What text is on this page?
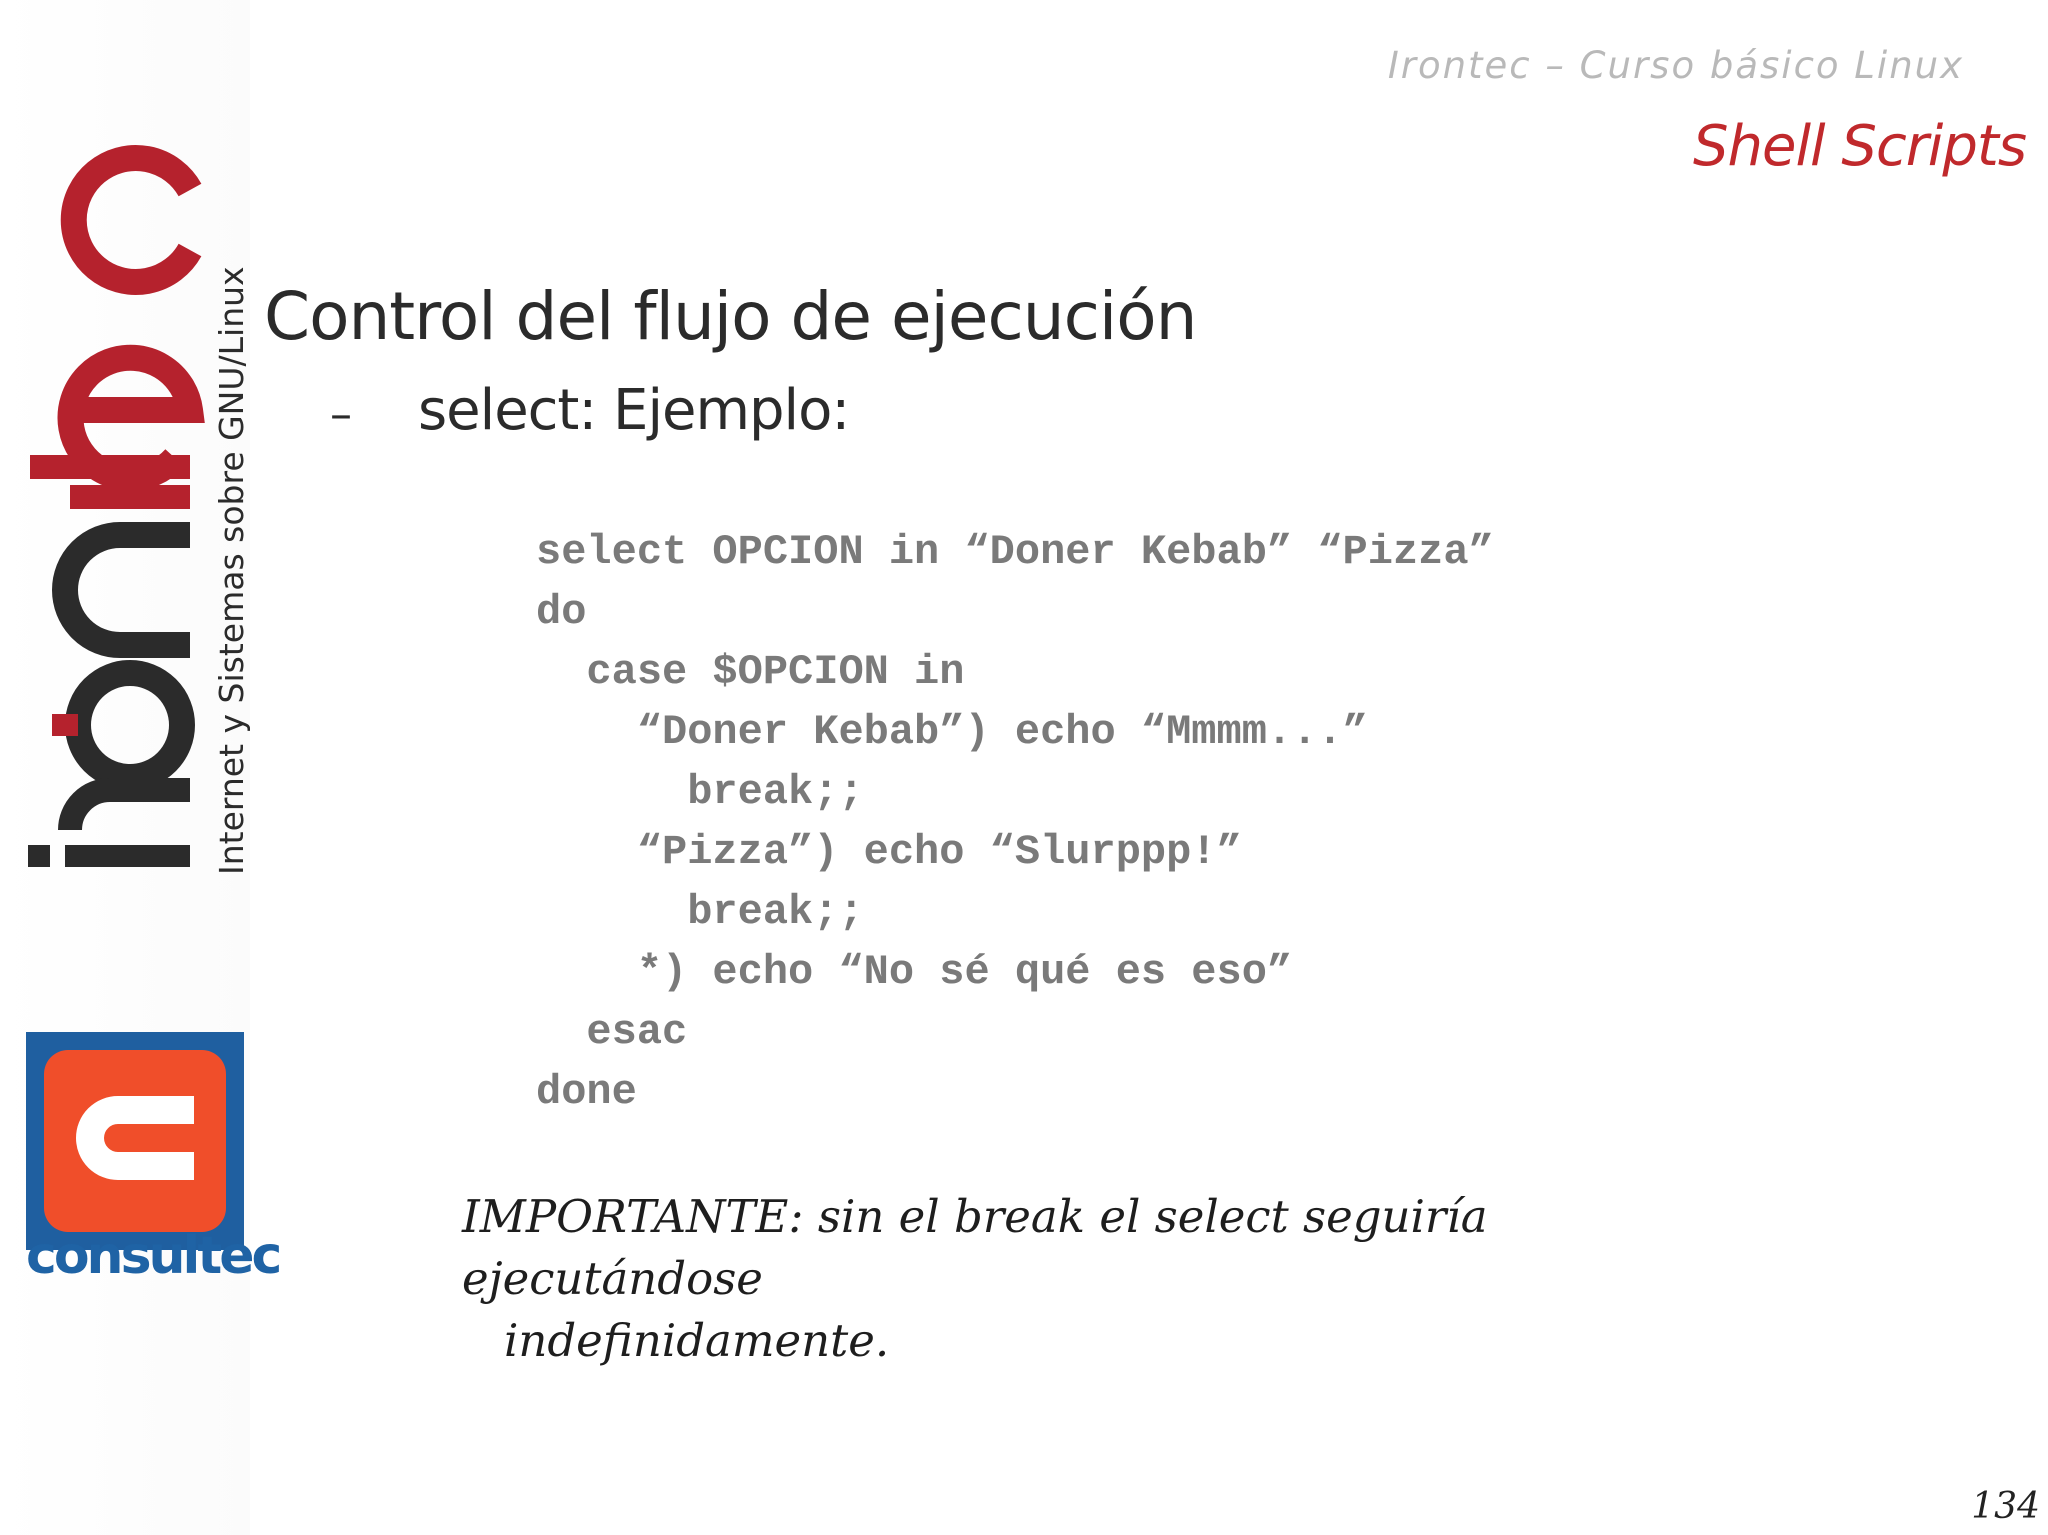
Internet y Sistemas sobre GNU/Linux
consultec
Irontec – Curso básico Linux
Shell Scripts
Control del flujo de ejecución
–	select: Ejemplo:
select OPCION in “Doner Kebab” “Pizza”
do
case $OPCION in
“Doner Kebab”) echo “Mmmm...”
break;;
“Pizza”) echo “Slurppp!”
break;;
*) echo “No sé qué es eso”
esac
done
IMPORTANTE: sin el break el select seguiría ejecutándose
indefinidamente.
134
